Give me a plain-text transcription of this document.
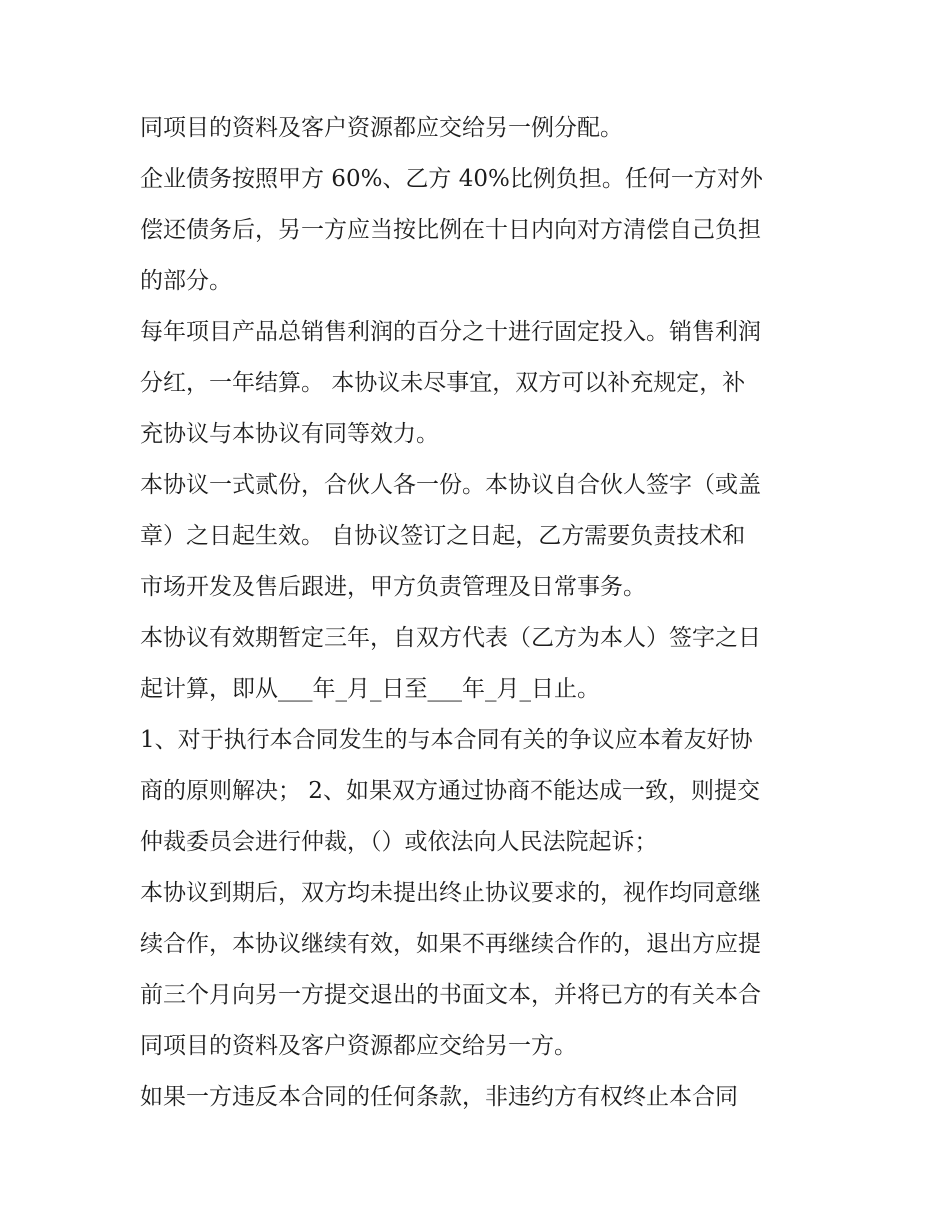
同项目的资料及客户资源都应交给另一例分配。
企业债务按照甲方 60%、乙方 40%比例负担。任何一方对外
偿还债务后，另一方应当按比例在十日内向对方清偿自己负担
的部分。
每年项目产品总销售利润的百分之十进行固定投入。销售利润
分红，一年结算。 本协议未尽事宜，双方可以补充规定，补
充协议与本协议有同等效力。
本协议一式贰份，合伙人各一份。本协议自合伙人签字（或盖
章）之日起生效。 自协议签订之日起，乙方需要负责技术和
市场开发及售后跟进，甲方负责管理及日常事务。
本协议有效期暂定三年，自双方代表（乙方为本人）签字之日
起计算，即从___年_月_日至___年_月_日止。
1、对于执行本合同发生的与本合同有关的争议应本着友好协
商的原则解决； 2、如果双方通过协商不能达成一致，则提交
仲裁委员会进行仲裁，（）或依法向人民法院起诉；
本协议到期后，双方均未提出终止协议要求的，视作均同意继
续合作，本协议继续有效，如果不再继续合作的，退出方应提
前三个月向另一方提交退出的书面文本，并将已方的有关本合
同项目的资料及客户资源都应交给另一方。
如果一方违反本合同的任何条款，非违约方有权终止本合同
